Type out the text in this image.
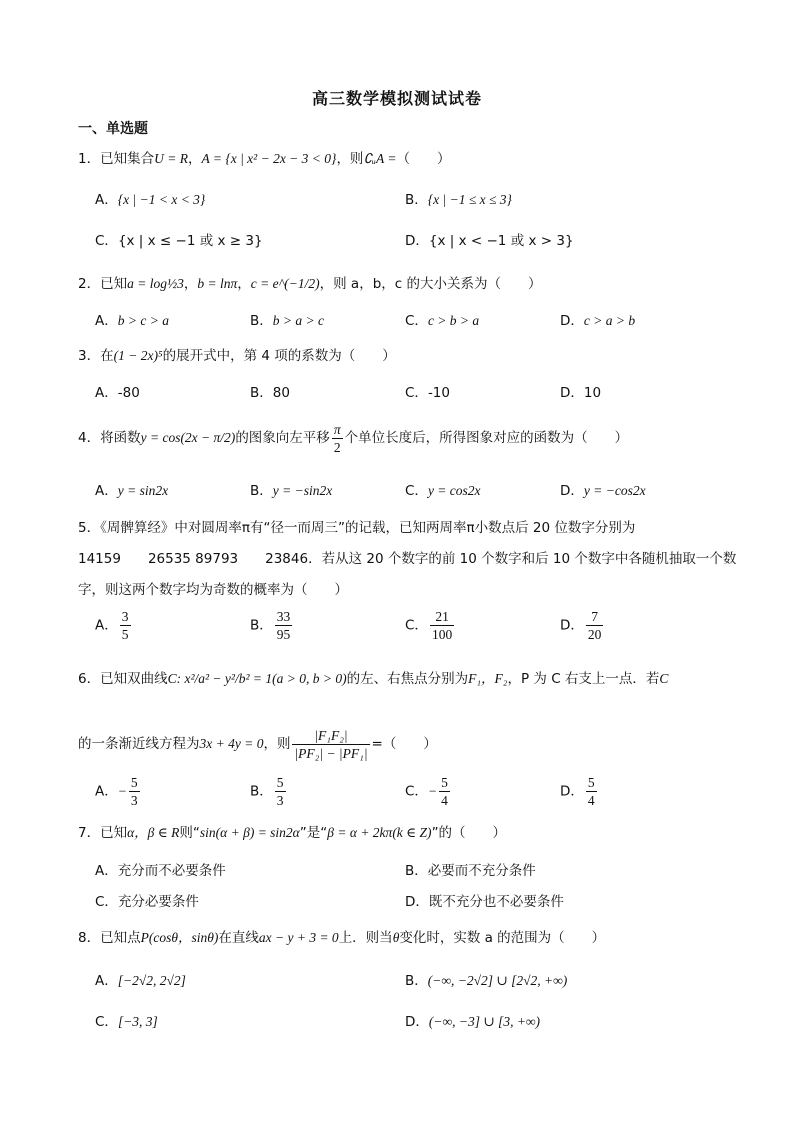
高三数学模拟测试试卷
一、单选题
1．已知集合U = R，A = {x | x² − 2x − 3 < 0}，则∁ᵤA =（　　）
A．{x | −1 < x < 3}	B．{x | −1 ≤ x ≤ 3}
C．{x | x ≤ −1 或 x ≥ 3}	D．{x | x < −1 或 x > 3}
2．已知a = log½3，b = lnπ，c = e^(−1/2)，则 a，b，c 的大小关系为（　　）
A．b > c > a	B．b > a > c	C．c > b > a	D．c > a > b
3．在(1 − 2x)⁵的展开式中，第 4 项的系数为（　　）
A．-80	B．80	C．-10	D．10
4．将函数y = cos(2x − π/2)的图象向左平移 $\frac{\pi}{2}$ 个单位长度后，所得图象对应的函数为（　　）
A．y = sin2x	B．y = −sin2x	C．y = cos2x	D．y = −cos2x
5．《周髀算经》中对圆周率π有“径一而周三”的记载，已知两周率π小数点后 20 位数字分别为
14159　　26535 89793　　23846．若从这 20 个数字的前 10 个数字和后 10 个数字中各随机抽取一个数
字，则这两个数字均为奇数的概率为（　　）
A． $\frac{3}{5}$	B． $\frac{33}{95}$	C． $\frac{21}{100}$	D． $\frac{7}{20}$
6．已知双曲线C: x²/a² − y²/b² = 1(a > 0, b > 0)的左、右焦点分别为F₁，F₂，P 为 C 右支上一点．若C
的一条渐近线方程为3x + 4y = 0，则 $\frac{\text{|F₁F₂|}}{\text{|PF₂| − |PF₁|}}$ =（　　）
A．− $\frac{5}{3}$	B． $\frac{5}{3}$	C．− $\frac{5}{4}$	D． $\frac{5}{4}$
7．已知α，β ∈ R则“sin(α + β) = sin2α”是“β = α + 2kπ(k ∈ Z)”的（　　）
A．充分而不必要条件	B．必要而不充分条件
C．充分必要条件	D．既不充分也不必要条件
8．已知点P(cosθ，sinθ)在直线ax − y + 3 = 0上．则当θ变化时，实数 a 的范围为（　　）
A．[−2√2, 2√2]	B．(−∞, −2√2] ∪ [2√2, +∞)
C．[−3, 3]	D．(−∞, −3] ∪ [3, +∞)
